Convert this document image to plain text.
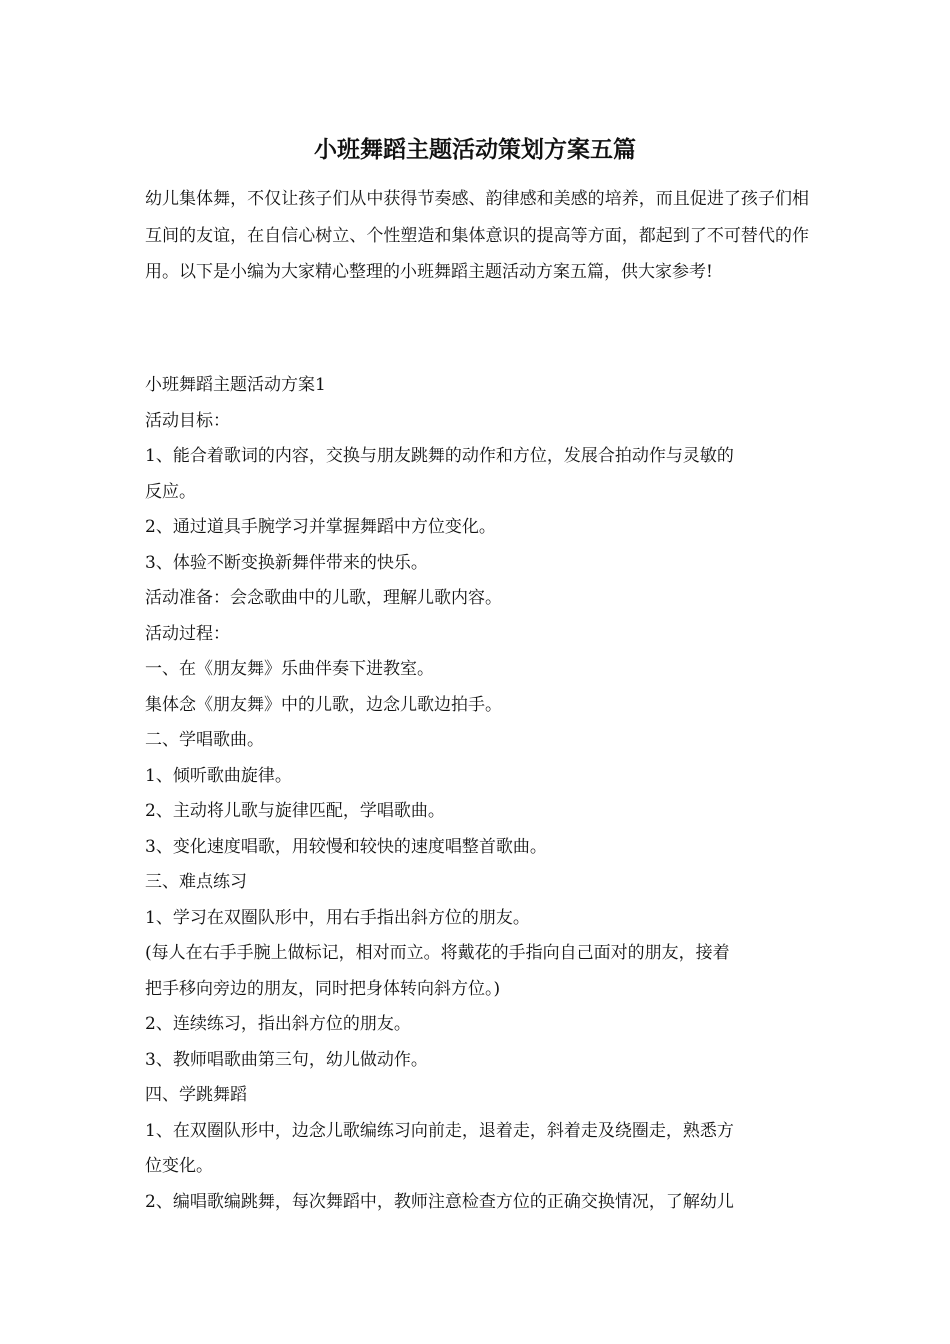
小班舞蹈主题活动策划方案五篇

幼儿集体舞，不仅让孩子们从中获得节奏感、韵律感和美感的培养，而且促进了孩子们相互间的友谊，在自信心树立、个性塑造和集体意识的提高等方面，都起到了不可替代的作用。以下是小编为大家精心整理的小班舞蹈主题活动方案五篇，供大家参考!

小班舞蹈主题活动方案1
活动目标：
1、能合着歌词的内容，交换与朋友跳舞的动作和方位，发展合拍动作与灵敏的
反应。
2、通过道具手腕学习并掌握舞蹈中方位变化。
3、体验不断变换新舞伴带来的快乐。
活动准备：会念歌曲中的儿歌，理解儿歌内容。
活动过程：
一、在《朋友舞》乐曲伴奏下进教室。
集体念《朋友舞》中的儿歌，边念儿歌边拍手。
二、学唱歌曲。
1、倾听歌曲旋律。
2、主动将儿歌与旋律匹配，学唱歌曲。
3、变化速度唱歌，用较慢和较快的速度唱整首歌曲。
三、难点练习
1、学习在双圈队形中，用右手指出斜方位的朋友。
(每人在右手手腕上做标记，相对而立。将戴花的手指向自己面对的朋友，接着
把手移向旁边的朋友，同时把身体转向斜方位。)
2、连续练习，指出斜方位的朋友。
3、教师唱歌曲第三句，幼儿做动作。
四、学跳舞蹈
1、在双圈队形中，边念儿歌编练习向前走，退着走，斜着走及绕圈走，熟悉方
位变化。
2、编唱歌编跳舞，每次舞蹈中，教师注意检查方位的正确交换情况，了解幼儿
